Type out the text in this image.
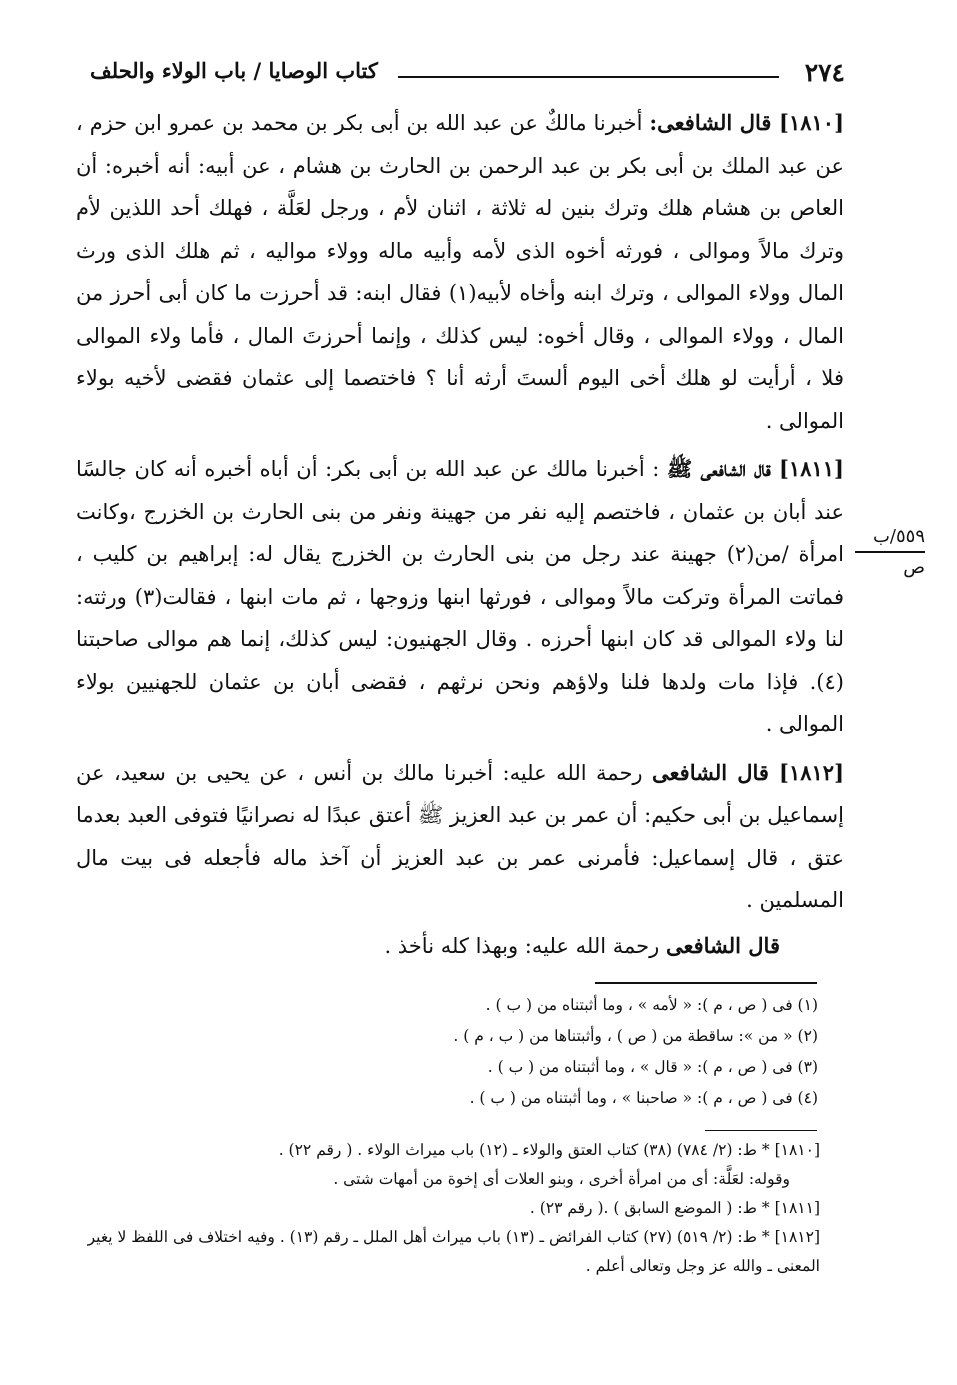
٢٧٤
كتاب الوصايا / باب الولاء والحلف

[١٨١٠] قال الشافعى: أخبرنا مالكٌ عن عبد الله بن أبى بكر بن محمد بن عمرو ابن حزم ، عن عبد الملك بن أبى بكر بن عبد الرحمن بن الحارث بن هشام ، عن أبيه: أنه أخبره: أن العاص بن هشام هلك وترك بنين له ثلاثة ، اثنان لأم ، ورجل لعَلَّة ، فهلك أحد اللذين لأم وترك مالاً وموالى ، فورثه أخوه الذى لأمه وأبيه ماله وولاء مواليه ، ثم هلك الذى ورث المال وولاء الموالى ، وترك ابنه وأخاه لأبيه(١) فقال ابنه: قد أحرزت ما كان أبى أحرز من المال ، وولاء الموالى ، وقال أخوه: ليس كذلك ، وإنما أحرزتَ المال ، فأما ولاء الموالى فلا ، أرأيت لو هلك أخى اليوم ألستَ أرثه أنا ؟ فاختصما إلى عثمان فقضى لأخيه بولاء الموالى .

[١٨١١] قال الشافعى ﷺ : أخبرنا مالك عن عبد الله بن أبى بكر: أن أباه أخبره أنه كان جالسًا عند أبان بن عثمان ، فاختصم إليه نفر من جهينة ونفر من بنى الحارث بن الخزرج ،وكانت امرأة /من(٢) جهينة عند رجل من بنى الحارث بن الخزرج يقال له: إبراهيم بن كليب ، فماتت المرأة وتركت مالاً وموالى ، فورثها ابنها وزوجها ، ثم مات ابنها ، فقالت(٣) ورثته: لنا ولاء الموالى قد كان ابنها أحرزه . وقال الجهنيون: ليس كذلك، إنما هم موالى صاحبتنا (٤). فإذا مات ولدها فلنا ولاؤهم ونحن نرثهم ، فقضى أبان بن عثمان للجهنيين بولاء الموالى .

[١٨١٢] قال الشافعى رحمة الله عليه: أخبرنا مالك بن أنس ، عن يحيى بن سعيد، عن إسماعيل بن أبى حكيم: أن عمر بن عبد العزيز ﷺ أعتق عبدًا له نصرانيًا فتوفى العبد بعدما عتق ، قال إسماعيل: فأمرنى عمر بن عبد العزيز أن آخذ ماله فأجعله فى بيت مال المسلمين .

قال الشافعى رحمة الله عليه: وبهذا كله نأخذ .
٥٥٩/ب
ص
(١) فى ( ص ، م ): « لأمه » ، وما أثبتناه من ( ب ) .
(٢) « من »: ساقطة من ( ص ) ، وأثبتناها من ( ب ، م ) .
(٣) فى ( ص ، م ): « قال » ، وما أثبتناه من ( ب ) .
(٤) فى ( ص ، م ): « صاحبنا » ، وما أثبتناه من ( ب ) .
[١٨١٠] * ط: (٢/ ٧٨٤) (٣٨) كتاب العتق والولاء ـ (١٢) باب ميراث الولاء . ( رقم ٢٢) .
وقوله: لعَلَّة: أى من امرأة أخرى ، وبنو العلات أى إخوة من أمهات شتى .
[١٨١١] * ط: ( الموضع السابق ) .( رقم ٢٣) .
[١٨١٢] * ط: (٢/ ٥١٩) (٢٧) كتاب الفرائض ـ (١٣) باب ميراث أهل الملل ـ رقم (١٣) . وفيه اختلاف فى اللفظ لا يغير المعنى ـ والله عز وجل وتعالى أعلم .
